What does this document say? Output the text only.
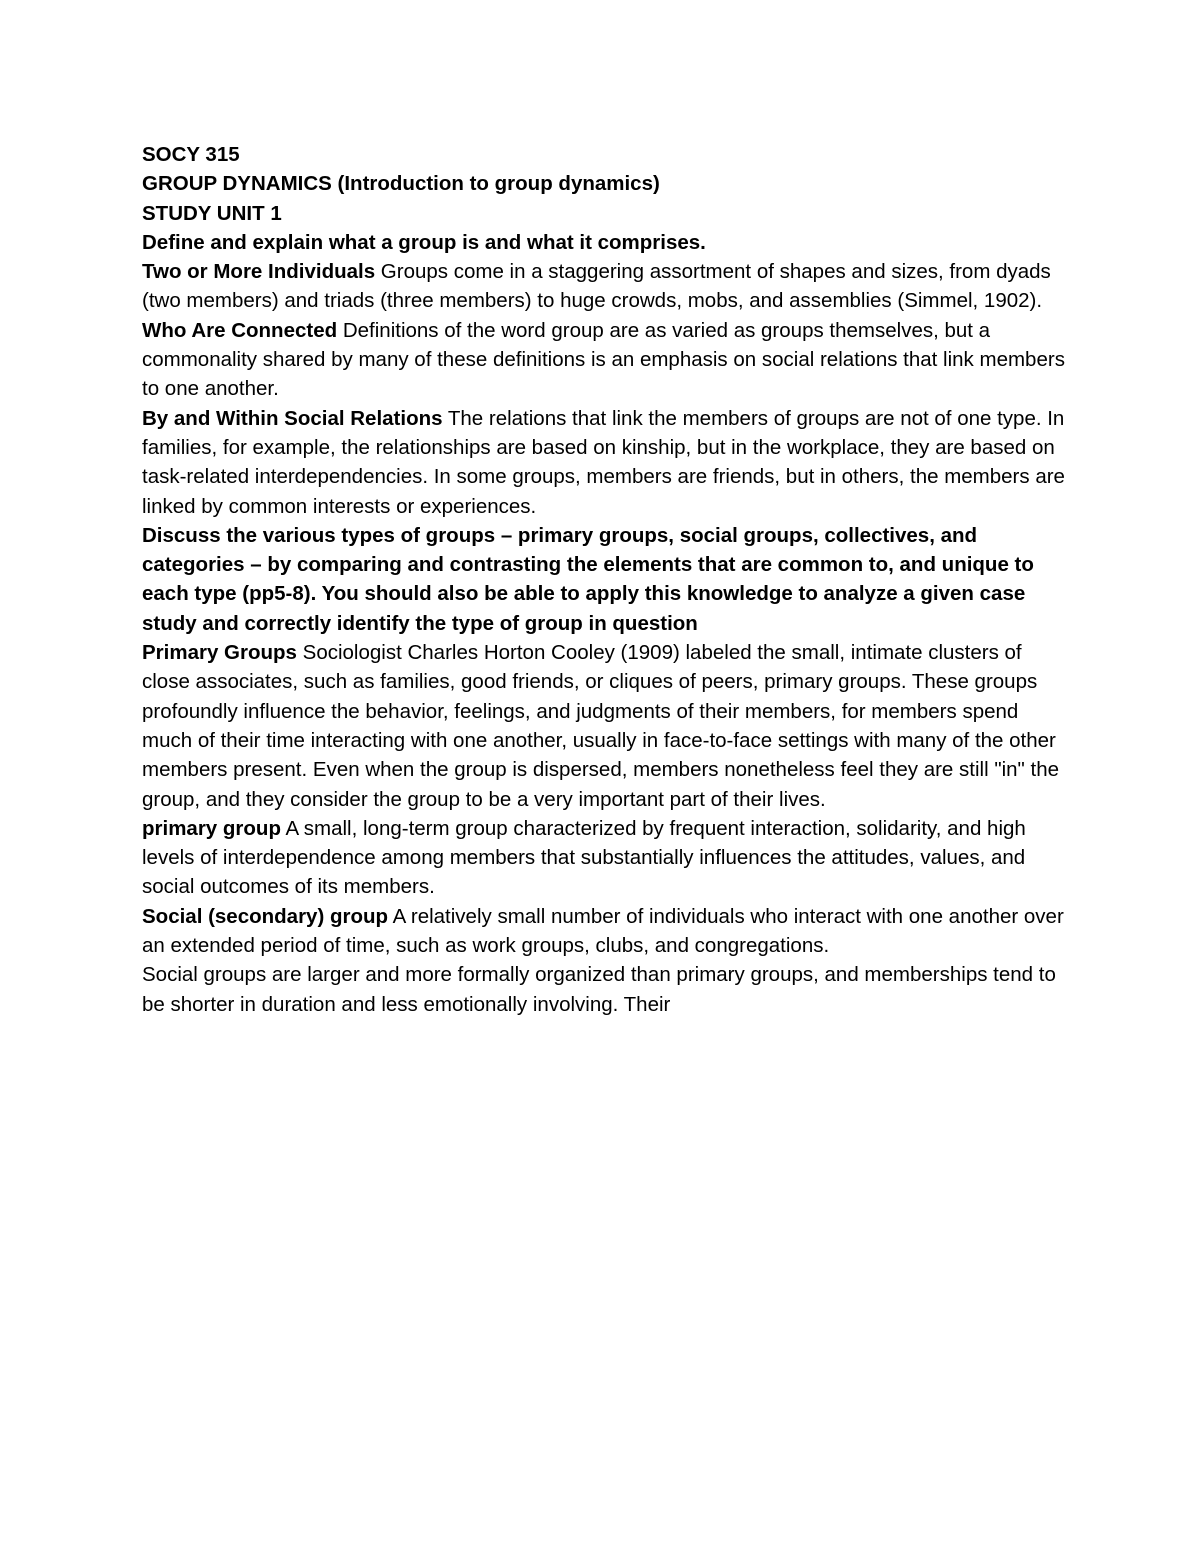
SOCY 315

GROUP DYNAMICS (Introduction to group dynamics)

STUDY UNIT 1

Define and explain what a group is and what it comprises.

Two or More Individuals Groups come in a staggering assortment of shapes and sizes, from dyads (two members) and triads (three members) to huge crowds, mobs, and assemblies (Simmel, 1902).

Who Are Connected Definitions of the word group are as varied as groups themselves, but a commonality shared by many of these definitions is an emphasis on social relations that link members to one another.

By and Within Social Relations The relations that link the members of groups are not of one type. In families, for example, the relationships are based on kinship, but in the workplace, they are based on task-related interdependencies. In some groups, members are friends, but in others, the members are linked by common interests or experiences.

Discuss the various types of groups – primary groups, social groups, collectives, and categories – by comparing and contrasting the elements that are common to, and unique to each type (pp5-8). You should also be able to apply this knowledge to analyze a given case study and correctly identify the type of group in question

Primary Groups Sociologist Charles Horton Cooley (1909) labeled the small, intimate clusters of close associates, such as families, good friends, or cliques of peers, primary groups. These groups profoundly influence the behavior, feelings, and judgments of their members, for members spend much of their time interacting with one another, usually in face-to-face settings with many of the other members present. Even when the group is dispersed, members nonetheless feel they are still "in" the group, and they consider the group to be a very important part of their lives.

primary group A small, long-term group characterized by frequent interaction, solidarity, and high levels of interdependence among members that substantially influences the attitudes, values, and social outcomes of its members.

Social (secondary) group A relatively small number of individuals who interact with one another over an extended period of time, such as work groups, clubs, and congregations.

Social groups are larger and more formally organized than primary groups, and memberships tend to be shorter in duration and less emotionally involving. Their
